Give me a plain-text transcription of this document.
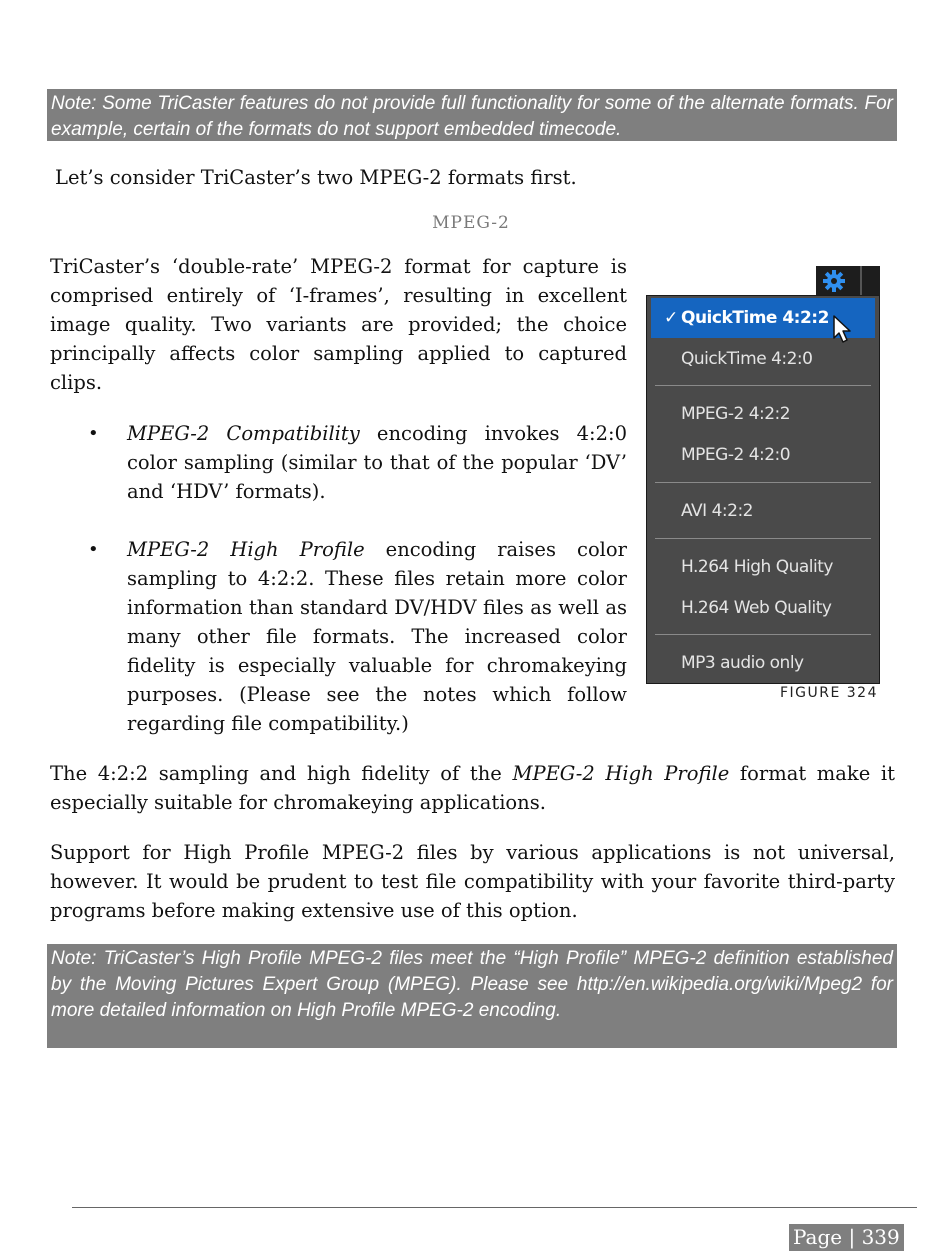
Note: Some TriCaster features do not provide full functionality for some of the alternate formats. For example, certain of the formats do not support embedded timecode.

Let’s consider TriCaster’s two MPEG-2 formats first.

MPEG-2

TriCaster’s ‘double-rate’ MPEG-2 format for capture is comprised entirely of ‘I-frames’, resulting in excellent image quality. Two variants are provided; the choice principally affects color sampling applied to captured clips.

• MPEG-2 Compatibility encoding invokes 4:2:0 color sampling (similar to that of the popular ‘DV’ and ‘HDV’ formats).

• MPEG-2 High Profile encoding raises color sampling to 4:2:2. These files retain more color information than standard DV/HDV files as well as many other file formats. The increased color fidelity is especially valuable for chromakeying purposes. (Please see the notes which follow regarding file compatibility.)

✓ QuickTime 4:2:2
QuickTime 4:2:0
MPEG-2 4:2:2
MPEG-2 4:2:0
AVI 4:2:2
H.264 High Quality
H.264 Web Quality
MP3 audio only
FIGURE 324

The 4:2:2 sampling and high fidelity of the MPEG-2 High Profile format make it especially suitable for chromakeying applications.

Support for High Profile MPEG-2 files by various applications is not universal, however. It would be prudent to test file compatibility with your favorite third-party programs before making extensive use of this option.

Note: TriCaster’s High Profile MPEG-2 files meet the “High Profile” MPEG-2 definition established by the Moving Pictures Expert Group (MPEG). Please see http://en.wikipedia.org/wiki/Mpeg2 for more detailed information on High Profile MPEG-2 encoding.
Page | 339
